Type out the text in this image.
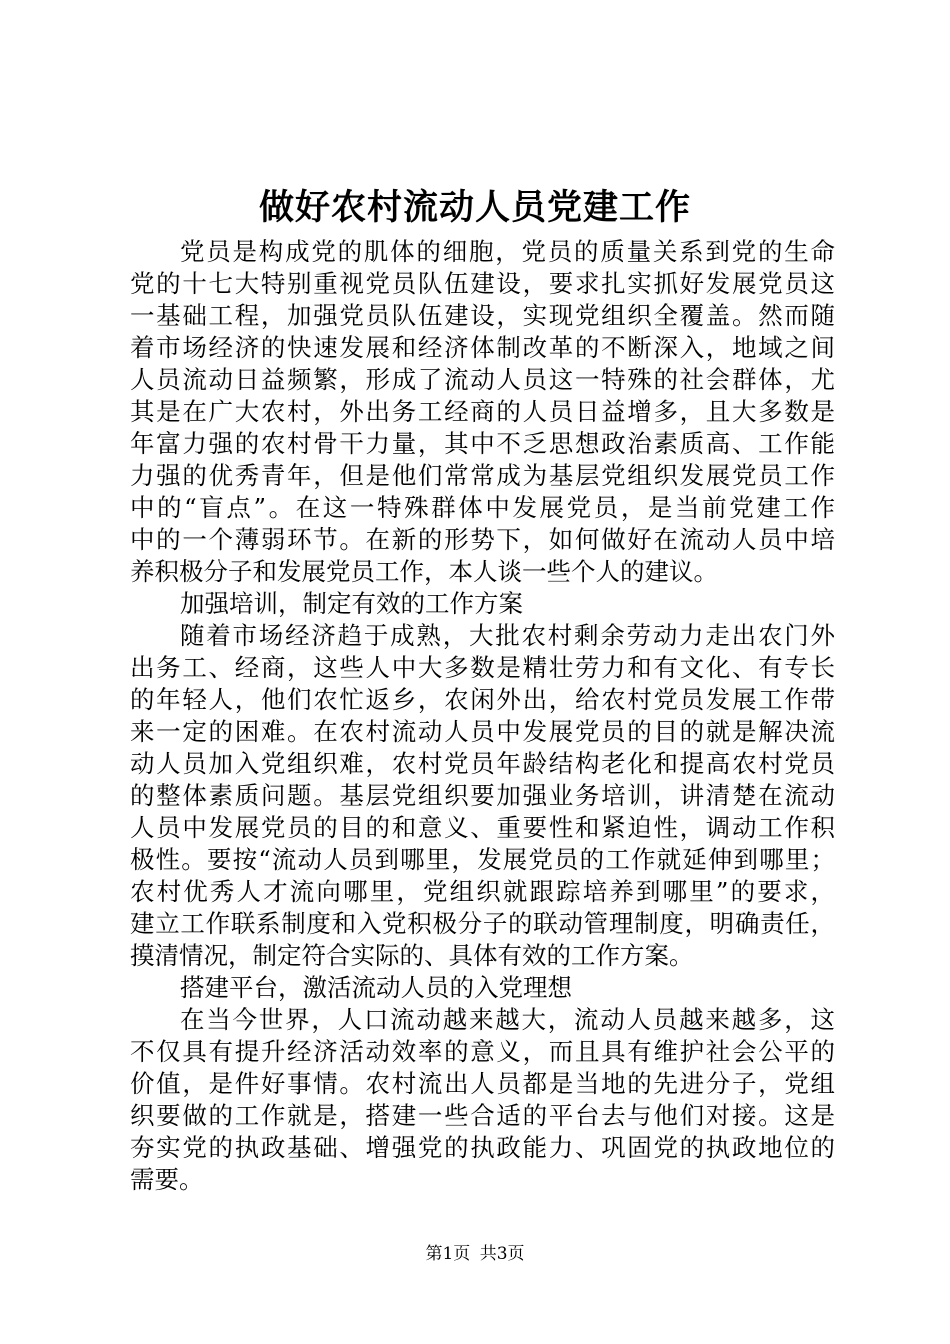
做好农村流动人员党建工作
党员是构成党的肌体的细胞，党员的质量关系到党的生命
党的十七大特别重视党员队伍建设，要求扎实抓好发展党员这
一基础工程，加强党员队伍建设，实现党组织全覆盖。然而随
着市场经济的快速发展和经济体制改革的不断深入，地域之间
人员流动日益频繁，形成了流动人员这一特殊的社会群体，尤
其是在广大农村，外出务工经商的人员日益增多，且大多数是
年富力强的农村骨干力量，其中不乏思想政治素质高、工作能
力强的优秀青年，但是他们常常成为基层党组织发展党员工作
中的“盲点”。在这一特殊群体中发展党员，是当前党建工作
中的一个薄弱环节。在新的形势下，如何做好在流动人员中培
养积极分子和发展党员工作，本人谈一些个人的建议。
加强培训，制定有效的工作方案
随着市场经济趋于成熟，大批农村剩余劳动力走出农门外
出务工、经商，这些人中大多数是精壮劳力和有文化、有专长
的年轻人，他们农忙返乡，农闲外出，给农村党员发展工作带
来一定的困难。在农村流动人员中发展党员的目的就是解决流
动人员加入党组织难，农村党员年龄结构老化和提高农村党员
的整体素质问题。基层党组织要加强业务培训，讲清楚在流动
人员中发展党员的目的和意义、重要性和紧迫性，调动工作积
极性。要按“流动人员到哪里，发展党员的工作就延伸到哪里；
农村优秀人才流向哪里，党组织就跟踪培养到哪里”的要求，
建立工作联系制度和入党积极分子的联动管理制度，明确责任，
摸清情况，制定符合实际的、具体有效的工作方案。
搭建平台，激活流动人员的入党理想
在当今世界，人口流动越来越大，流动人员越来越多，这
不仅具有提升经济活动效率的意义，而且具有维护社会公平的
价值，是件好事情。农村流出人员都是当地的先进分子，党组
织要做的工作就是，搭建一些合适的平台去与他们对接。这是
夯实党的执政基础、增强党的执政能力、巩固党的执政地位的
需要。
第1页 共3页
